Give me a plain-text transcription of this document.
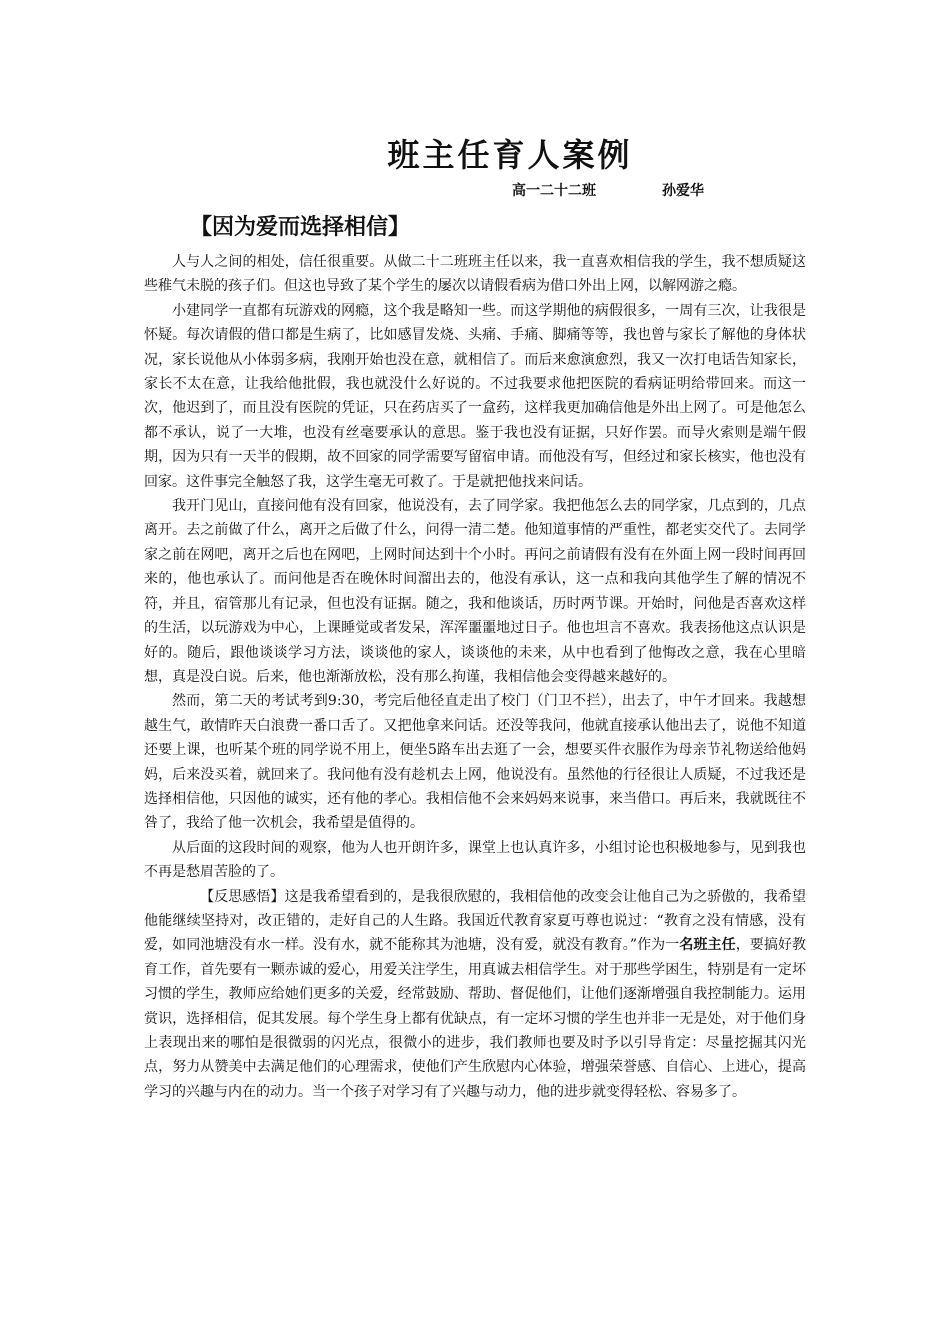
班主任育人案例
高一二十二班	孙爱华
【因为爱而选择相信】

人与人之间的相处，信任很重要。从做二十二班班主任以来，我一直喜欢相信我的学生，我不想质疑这些稚气未脱的孩子们。但这也导致了某个学生的屡次以请假看病为借口外出上网，以解网游之瘾。

小建同学一直都有玩游戏的网瘾，这个我是略知一些。而这学期他的病假很多，一周有三次，让我很是怀疑。每次请假的借口都是生病了，比如感冒发烧、头痛、手痛、脚痛等等，我也曾与家长了解他的身体状况，家长说他从小体弱多病，我刚开始也没在意，就相信了。而后来愈演愈烈，我又一次打电话告知家长，家长不太在意，让我给他批假，我也就没什么好说的。不过我要求他把医院的看病证明给带回来。而这一次，他迟到了，而且没有医院的凭证，只在药店买了一盒药，这样我更加确信他是外出上网了。可是他怎么都不承认，说了一大堆，也没有丝毫要承认的意思。鉴于我也没有证据，只好作罢。而导火索则是端午假期，因为只有一天半的假期，故不回家的同学需要写留宿申请。而他没有写，但经过和家长核实，他也没有回家。这件事完全触怒了我，这学生毫无可救了。于是就把他找来问话。

我开门见山，直接问他有没有回家，他说没有，去了同学家。我把他怎么去的同学家，几点到的，几点离开。去之前做了什么，离开之后做了什么，问得一清二楚。他知道事情的严重性，都老实交代了。去同学家之前在网吧，离开之后也在网吧，上网时间达到十个小时。再问之前请假有没有在外面上网一段时间再回来的，他也承认了。而问他是否在晚休时间溜出去的，他没有承认，这一点和我向其他学生了解的情况不符，并且，宿管那儿有记录，但也没有证据。随之，我和他谈话，历时两节课。开始时，问他是否喜欢这样的生活，以玩游戏为中心，上课睡觉或者发呆，浑浑噩噩地过日子。他也坦言不喜欢。我表扬他这点认识是好的。随后，跟他谈谈学习方法，谈谈他的家人，谈谈他的未来，从中也看到了他悔改之意，我在心里暗想，真是没白说。后来，他也渐渐放松，没有那么拘谨，我相信他会变得越来越好的。

然而，第二天的考试考到9:30，考完后他径直走出了校门（门卫不拦），出去了，中午才回来。我越想越生气，敢情昨天白浪费一番口舌了。又把他拿来问话。还没等我问，他就直接承认他出去了，说他不知道还要上课，也听某个班的同学说不用上，便坐5路车出去逛了一会，想要买件衣服作为母亲节礼物送给他妈妈，后来没买着，就回来了。我问他有没有趁机去上网，他说没有。虽然他的行径很让人质疑，不过我还是选择相信他，只因他的诚实，还有他的孝心。我相信他不会来妈妈来说事，来当借口。再后来，我就既往不咎了，我给了他一次机会，我希望是值得的。

从后面的这段时间的观察，他为人也开朗许多，课堂上也认真许多，小组讨论也积极地参与，见到我也不再是愁眉苦脸的了。

【反思感悟】这是我希望看到的，是我很欣慰的，我相信他的改变会让他自己为之骄傲的，我希望他能继续坚持对，改正错的，走好自己的人生路。我国近代教育家夏丏尊也说过：“教育之没有情感，没有爱，如同池塘没有水一样。没有水，就不能称其为池塘，没有爱，就没有教育。”作为一名班主任，要搞好教育工作，首先要有一颗赤诚的爱心，用爱关注学生，用真诚去相信学生。对于那些学困生，特别是有一定坏习惯的学生，教师应给她们更多的关爱，经常鼓励、帮助、督促他们，让他们逐渐增强自我控制能力。运用赏识，选择相信，促其发展。每个学生身上都有优缺点，有一定坏习惯的学生也并非一无是处，对于他们身上表现出来的哪怕是很微弱的闪光点，很微小的进步，我们教师也要及时予以引导肯定：尽量挖掘其闪光点，努力从赞美中去满足他们的心理需求，使他们产生欣慰内心体验，增强荣誉感、自信心、上进心，提高学习的兴趣与内在的动力。当一个孩子对学习有了兴趣与动力，他的进步就变得轻松、容易多了。
